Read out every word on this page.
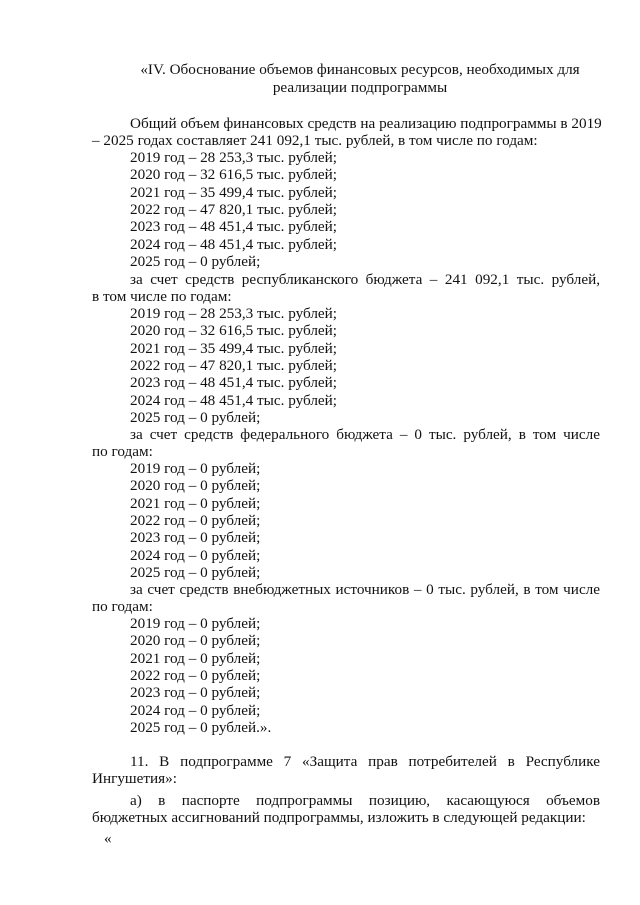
«IV. Обоснование объемов финансовых ресурсов, необходимых для
реализации подпрограммы
Общий объем финансовых средств на реализацию подпрограммы в 2019
– 2025 годах составляет 241 092,1 тыс. рублей, в том числе по годам:
2019 год – 28 253,3 тыс. рублей;
2020 год – 32 616,5 тыс. рублей;
2021 год – 35 499,4 тыс. рублей;
2022 год – 47 820,1 тыс. рублей;
2023 год – 48 451,4 тыс. рублей;
2024 год – 48 451,4 тыс. рублей;
2025 год – 0 рублей;
за счет средств республиканского бюджета – 241 092,1 тыс. рублей,
в том числе по годам:
2019 год – 28 253,3 тыс. рублей;
2020 год – 32 616,5 тыс. рублей;
2021 год – 35 499,4 тыс. рублей;
2022 год – 47 820,1 тыс. рублей;
2023 год – 48 451,4 тыс. рублей;
2024 год – 48 451,4 тыс. рублей;
2025 год – 0 рублей;
за счет средств федерального бюджета – 0 тыс. рублей, в том числе
по годам:
2019 год – 0 рублей;
2020 год – 0 рублей;
2021 год – 0 рублей;
2022 год – 0 рублей;
2023 год – 0 рублей;
2024 год – 0 рублей;
2025 год – 0 рублей;
за счет средств внебюджетных источников – 0 тыс. рублей, в том числе
по годам:
2019 год – 0 рублей;
2020 год – 0 рублей;
2021 год – 0 рублей;
2022 год – 0 рублей;
2023 год – 0 рублей;
2024 год – 0 рублей;
2025 год – 0 рублей.».
11. В подпрограмме 7 «Защита прав потребителей в Республике
Ингушетия»:
а) в паспорте подпрограммы позицию, касающуюся объемов
бюджетных ассигнований подпрограммы, изложить в следующей редакции:
«
